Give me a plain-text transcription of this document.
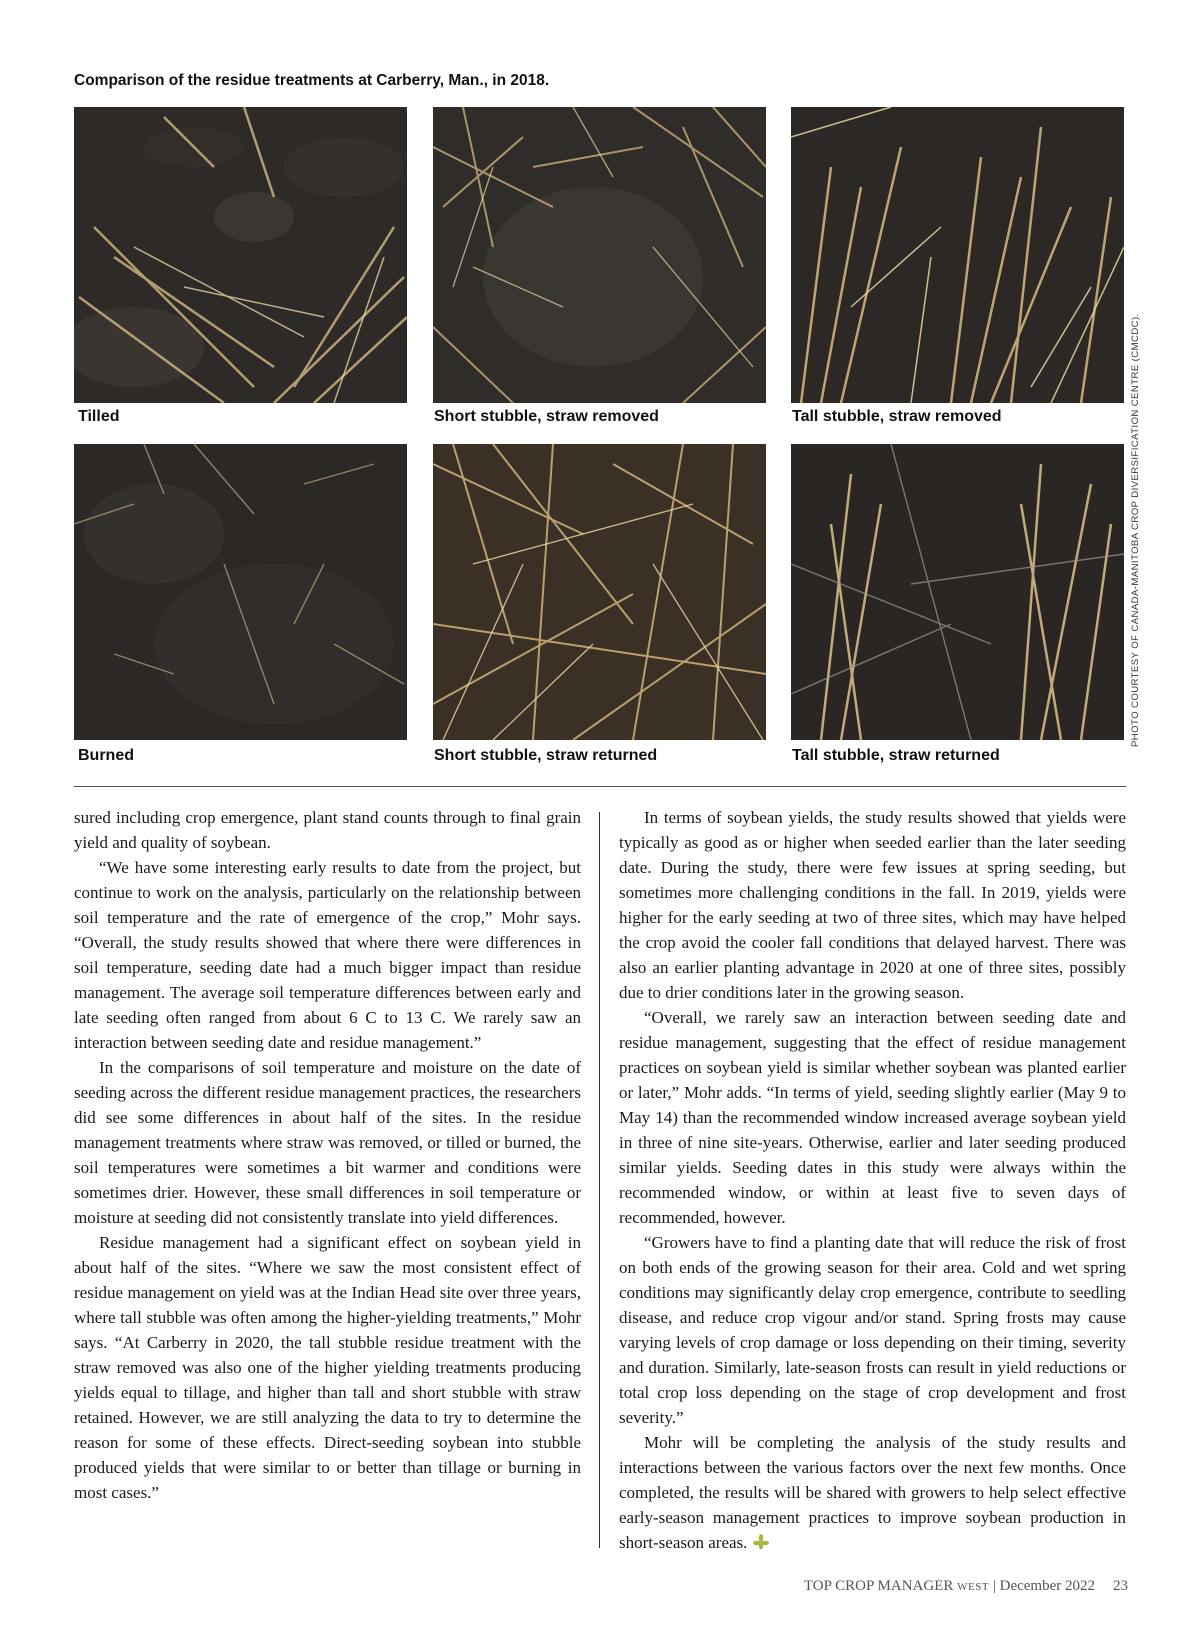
Comparison of the residue treatments at Carberry, Man., in 2018.
Tilled	Short stubble, straw removed	Tall stubble, straw removed
Burned	Short stubble, straw returned	Tall stubble, straw returned
PHOTO COURTESY OF CANADA-MANITOBA CROP DIVERSIFICATION CENTRE (CMCDC).

sured including crop emergence, plant stand counts through to final grain yield and quality of soybean.

“We have some interesting early results to date from the project, but continue to work on the analysis, particularly on the relationship between soil temperature and the rate of emergence of the crop,” Mohr says. “Overall, the study results showed that where there were differences in soil temperature, seeding date had a much bigger impact than residue management. The average soil temperature differences between early and late seeding often ranged from about 6 C to 13 C. We rarely saw an interaction between seeding date and residue management.”

In the comparisons of soil temperature and moisture on the date of seeding across the different residue management practices, the researchers did see some differences in about half of the sites. In the residue management treatments where straw was removed, or tilled or burned, the soil temperatures were sometimes a bit warmer and conditions were sometimes drier. However, these small differences in soil temperature or moisture at seeding did not consistently translate into yield differences.

Residue management had a significant effect on soybean yield in about half of the sites. “Where we saw the most consistent effect of residue management on yield was at the Indian Head site over three years, where tall stubble was often among the higher-yielding treatments,” Mohr says. “At Carberry in 2020, the tall stubble residue treatment with the straw removed was also one of the higher yielding treatments producing yields equal to tillage, and higher than tall and short stubble with straw retained. However, we are still analyzing the data to try to determine the reason for some of these effects. Direct-seeding soybean into stubble produced yields that were similar to or better than tillage or burning in most cases.”

In terms of soybean yields, the study results showed that yields were typically as good as or higher when seeded earlier than the later seeding date. During the study, there were few issues at spring seeding, but sometimes more challenging conditions in the fall. In 2019, yields were higher for the early seeding at two of three sites, which may have helped the crop avoid the cooler fall conditions that delayed harvest. There was also an earlier planting advantage in 2020 at one of three sites, possibly due to drier conditions later in the growing season.

“Overall, we rarely saw an interaction between seeding date and residue management, suggesting that the effect of residue management practices on soybean yield is similar whether soybean was planted earlier or later,” Mohr adds. “In terms of yield, seeding slightly earlier (May 9 to May 14) than the recommended window increased average soybean yield in three of nine site-years. Otherwise, earlier and later seeding produced similar yields. Seeding dates in this study were always within the recommended window, or within at least five to seven days of recommended, however.

“Growers have to find a planting date that will reduce the risk of frost on both ends of the growing season for their area. Cold and wet spring conditions may significantly delay crop emergence, contribute to seedling disease, and reduce crop vigour and/or stand. Spring frosts may cause varying levels of crop damage or loss depending on their timing, severity and duration. Similarly, late-season frosts can result in yield reductions or total crop loss depending on the stage of crop development and frost severity.”

Mohr will be completing the analysis of the study results and interactions between the various factors over the next few months. Once completed, the results will be shared with growers to help select effective early-season management practices to improve soybean production in short-season areas.

TOP CROP MANAGER WEST | December 2022 23
